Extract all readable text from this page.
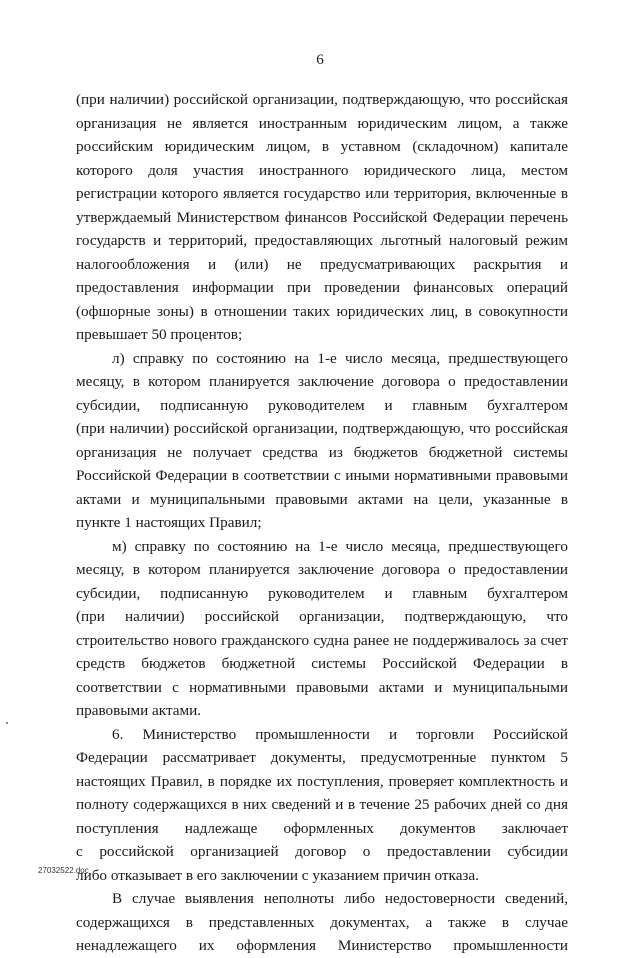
6
(при наличии) российской организации, подтверждающую, что российская
организация не является иностранным юридическим лицом, а также
российским юридическим лицом, в уставном (складочном) капитале
которого доля участия иностранного юридического лица, местом
регистрации которого является государство или территория, включенные в
утверждаемый Министерством финансов Российской Федерации перечень
государств и территорий, предоставляющих льготный налоговый режим
налогообложения и (или) не предусматривающих раскрытия и
предоставления информации при проведении финансовых операций
(офшорные зоны) в отношении таких юридических лиц, в совокупности
превышает 50 процентов;
л) справку по состоянию на 1-е число месяца, предшествующего
месяцу, в котором планируется заключение договора о предоставлении
субсидии, подписанную руководителем и главным бухгалтером
(при наличии) российской организации, подтверждающую, что российская
организация не получает средства из бюджетов бюджетной системы
Российской Федерации в соответствии с иными нормативными правовыми
актами и муниципальными правовыми актами на цели, указанные в
пункте 1 настоящих Правил;
м) справку по состоянию на 1-е число месяца, предшествующего
месяцу, в котором планируется заключение договора о предоставлении
субсидии, подписанную руководителем и главным бухгалтером
(при наличии) российской организации, подтверждающую, что
строительство нового гражданского судна ранее не поддерживалось за счет
средств бюджетов бюджетной системы Российской Федерации в
соответствии с нормативными правовыми актами и муниципальными
правовыми актами.
6. Министерство промышленности и торговли Российской
Федерации рассматривает документы, предусмотренные пунктом 5
настоящих Правил, в порядке их поступления, проверяет комплектность и
полноту содержащихся в них сведений и в течение 25 рабочих дней со дня
поступления надлежаще оформленных документов заключает
с российской организацией договор о предоставлении субсидии
либо отказывает в его заключении с указанием причин отказа.
В случае выявления неполноты либо недостоверности сведений,
содержащихся в представленных документах, а также в случае
ненадлежащего их оформления Министерство промышленности
27032522.doc
